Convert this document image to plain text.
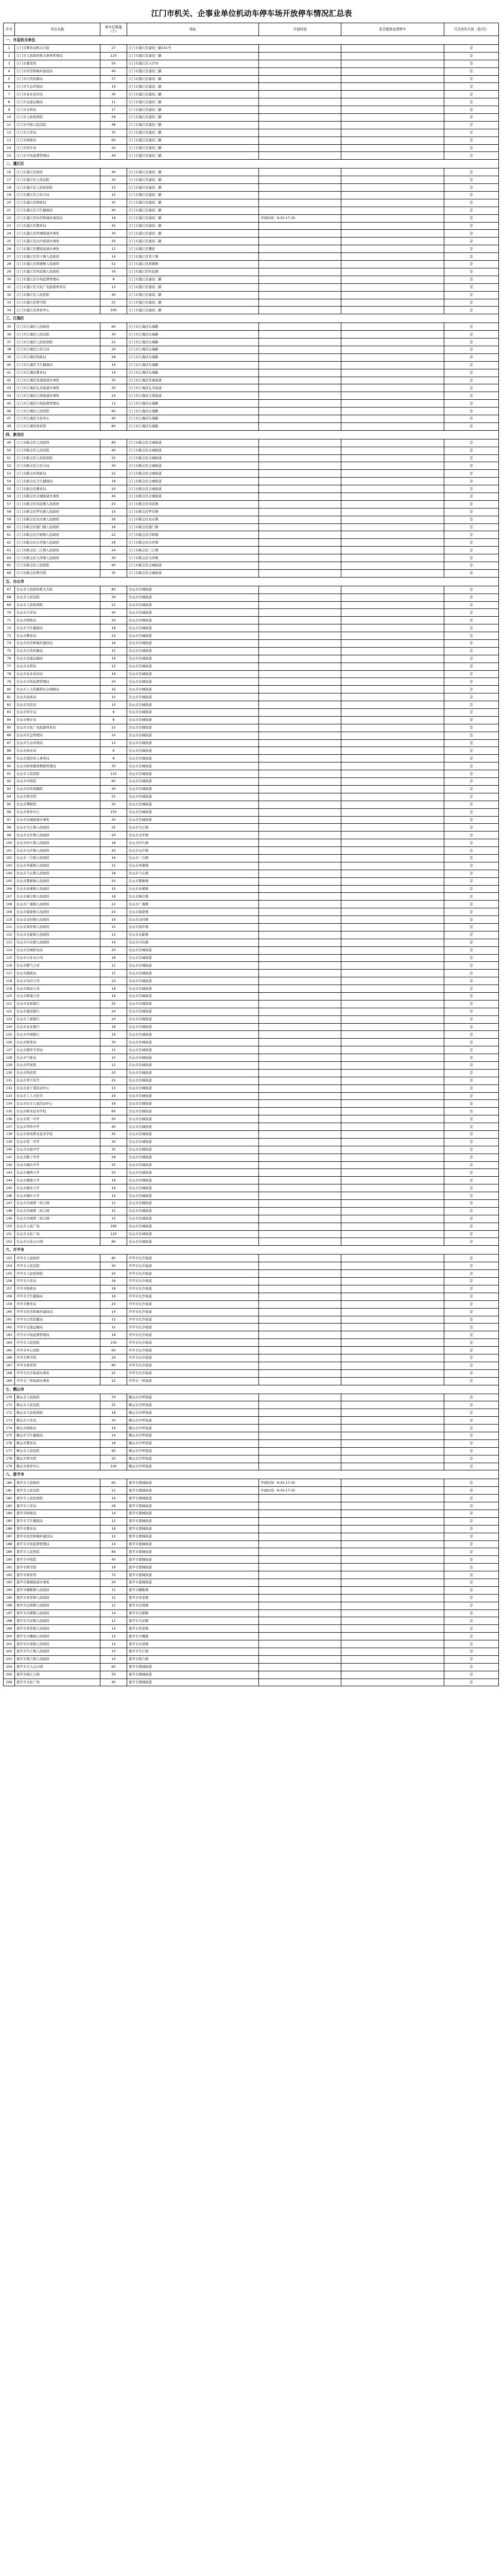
江门市机关、企事业单位机动车停车场开放停车情况汇总表
序号	单位名称	停车位数量（个）	地址	开放时间	是否提供免费停车	可否对外开放（是/否）
一、市直机关单位						
1	江门市教育局机关大院	27	江门市蓬江区建设三路151号			是
2	江门市人民政府机关事务管理局	120	江门市蓬江区建设三路			是
3	江门市委党校	50	江门市蓬江区天沙河			是
4	江门市住房和城乡建设局	40	江门市蓬江区建设三路			是
5	江门市自然资源局	37	江门市蓬江区建设二路			是
6	江门市生态环境局	19	江门市蓬江区建设二路			是
7	江门市农业农村局	36	江门市蓬江区建设三路			是
8	江门市交通运输局	11	江门市蓬江区建设三路			是
9	江门市水利局	17	江门市蓬江区建设三路			是
10	江门市人民检察院	28	江门市蓬江区建设三路			是
11	江门市中级人民法院	48	江门市蓬江区建设三路			是
12	江门市公安局	35	江门市蓬江区建设三路			是
13	江门市财政局	60	江门市蓬江区建设三路			是
14	江门市审计局	20	江门市蓬江区建设三路			是
15	江门市市场监督管理局	44	江门市蓬江区建设三路			是
二、蓬江区						
16	江门市蓬江区政府	40	江门市蓬江区建设二路			是
17	江门市蓬江区人民法院	30	江门市蓬江区建设二路			是
18	江门市蓬江区人民检察院	10	江门市蓬江区建设二路			是
19	江门市蓬江区公安分局	10	江门市蓬江区建设二路			是
20	江门市蓬江区财政局	35	江门市蓬江区建设二路			是
21	江门市蓬江区卫生健康局	40	江门市蓬江区建设二路			是
22	江门市蓬江区住房和城乡建设局	18	江门市蓬江区建设二路	开放时间：8:30-17:30		是
23	江门市蓬江区教育局	42	江门市蓬江区建设二路			是
24	江门市蓬江区环城街道办事处	30	江门市蓬江区建设二路			是
25	江门市蓬江区白沙街道办事处	20	江门市蓬江区建设二路			是
26	江门市蓬江区潮连街道办事处	12	江门市蓬江区潮连			是
27	江门市蓬江区棠下镇人民政府	14	江门市蓬江区棠下镇			是
28	江门市蓬江区荷塘镇人民政府	52	江门市蓬江区荷塘镇			是
29	江门市蓬江区杜阮镇人民政府	34	江门市蓬江区杜阮镇			是
30	江门市蓬江区市场监督管理局	8	江门市蓬江区建设二路			是
31	江门市蓬江区文化广电旅游体育局	13	江门市蓬江区建设二路			是
32	江门市蓬江区人民医院	40	江门市蓬江区建设二路			是
33	江门市蓬江区图书馆	25	江门市蓬江区建设二路			是
34	江门市蓬江区体育中心	200	江门市蓬江区建设二路			是
三、江海区						
35	江门市江海区人民政府	60	江门市江海区东海路			是
36	江门市江海区人民法院	30	江门市江海区东海路			是
37	江门市江海区人民检察院	22	江门市江海区东海路			是
38	江门市江海区公安分局	20	江门市江海区东海路			是
39	江门市江海区财政局	28	江门市江海区东海路			是
40	江门市江海区卫生健康局	16	江门市江海区东海路			是
41	江门市江海区教育局	14	江门市江海区东海路			是
42	江门市江海区外海街道办事处	35	江门市江海区外海街道			是
43	江门市江海区礼乐街道办事处	30	江门市江海区礼乐街道			是
44	江门市江海区江南街道办事处	24	江门市江海区江南街道			是
45	江门市江海区市场监督管理局	12	江门市江海区东海路			是
46	江门市江海区人民医院	60	江门市江海区东海路			是
47	江门市江海区文化中心	40	江门市江海区东海路			是
48	江门市江海区体育馆	80	江门市江海区东海路			是
四、新会区						
49	江门市新会区人民政府	80	江门市新会区会城街道			是
50	江门市新会区人民法院	40	江门市新会区会城街道			是
51	江门市新会区人民检察院	25	江门市新会区会城街道			是
52	江门市新会区公安分局	30	江门市新会区会城街道			是
53	江门市新会区财政局	22	江门市新会区会城街道			是
54	江门市新会区卫生健康局	18	江门市新会区会城街道			是
55	江门市新会区教育局	20	江门市新会区会城街道			是
56	江门市新会区会城街道办事处	45	江门市新会区会城街道			是
57	江门市新会区司前镇人民政府	20	江门市新会区司前镇			是
58	江门市新会区罗坑镇人民政府	15	江门市新会区罗坑镇			是
59	江门市新会区双水镇人民政府	26	江门市新会区双水镇			是
60	江门市新会区崖门镇人民政府	18	江门市新会区崖门镇			是
61	江门市新会区沙堆镇人民政府	22	江门市新会区沙堆镇			是
62	江门市新会区古井镇人民政府	28	江门市新会区古井镇			是
63	江门市新会区三江镇人民政府	24	江门市新会区三江镇			是
64	江门市新会区大泽镇人民政府	30	江门市新会区大泽镇			是
65	江门市新会区人民医院	90	江门市新会区会城街道			是
66	江门市新会区图书馆	35	江门市新会区会城街道			是
五、台山市						
67	台山市人民政府机关大院	80	台山市台城街道			是
68	台山市人民法院	30	台山市台城街道			是
69	台山市人民检察院	22	台山市台城街道			是
70	台山市公安局	40	台山市台城街道			是
71	台山市财政局	20	台山市台城街道			是
72	台山市卫生健康局	18	台山市台城街道			是
73	台山市教育局	24	台山市台城街道			是
74	台山市住房和城乡建设局	16	台山市台城街道			是
75	台山市自然资源局	15	台山市台城街道			是
76	台山市交通运输局	14	台山市台城街道			是
77	台山市水利局	12	台山市台城街道			是
78	台山市农业农村局	18	台山市台城街道			是
79	台山市市场监督管理局	20	台山市台城街道			是
80	台山市人力资源和社会保障局	16	台山市台城街道			是
81	台山市民政局	10	台山市台城街道			是
82	台山市司法局	10	台山市台城街道			是
83	台山市审计局	8	台山市台城街道			是
84	台山市统计局	8	台山市台城街道			是
85	台山市文化广电旅游体育局	22	台山市台城街道			是
86	台山市应急管理局	10	台山市台城街道			是
87	台山市生态环境局	12	台山市台城街道			是
88	台山市林业局	8	台山市台城街道			是
89	台山市退役军人事务局	8	台山市台城街道			是
90	台山市政务服务数据管理局	30	台山市台城街道			是
91	台山市人民医院	120	台山市台城街道			是
92	台山市中医院	60	台山市台城街道			是
93	台山市妇幼保健院	30	台山市台城街道			是
94	台山市图书馆	25	台山市台城街道			是
95	台山市博物馆	20	台山市台城街道			是
96	台山市体育中心	150	台山市台城街道			是
97	台山市台城街道办事处	30	台山市台城街道			是
98	台山市大江镇人民政府	25	台山市大江镇			是
99	台山市水步镇人民政府	20	台山市水步镇			是
100	台山市四九镇人民政府	18	台山市四九镇			是
101	台山市白沙镇人民政府	20	台山市白沙镇			是
102	台山市三合镇人民政府	16	台山市三合镇			是
103	台山市冲蒌镇人民政府	15	台山市冲蒌镇			是
104	台山市斗山镇人民政府	18	台山市斗山镇			是
105	台山市都斛镇人民政府	20	台山市都斛镇			是
106	台山市赤溪镇人民政府	15	台山市赤溪镇			是
107	台山市端芬镇人民政府	18	台山市端芬镇			是
108	台山市广海镇人民政府	22	台山市广海镇			是
109	台山市海宴镇人民政府	20	台山市海宴镇			是
110	台山市汶村镇人民政府	16	台山市汶村镇			是
111	台山市深井镇人民政府	15	台山市深井镇			是
112	台山市北陡镇人民政府	12	台山市北陡镇			是
113	台山市川岛镇人民政府	14	台山市川岛镇			是
114	台山市台城供电局	20	台山市台城街道			是
115	台山市自来水公司	18	台山市台城街道			是
116	台山市燃气公司	12	台山市台城街道			是
117	台山市邮政局	15	台山市台城街道			是
118	台山市电信公司	20	台山市台城街道			是
119	台山市移动公司	18	台山市台城街道			是
120	台山市联通公司	16	台山市台城街道			是
121	台山市农商银行	25	台山市台城街道			是
122	台山市建设银行	20	台山市台城街道			是
123	台山市工商银行	20	台山市台城街道			是
124	台山市农业银行	18	台山市台城街道			是
125	台山市中国银行	18	台山市台城街道			是
126	台山市税务局	30	台山市台城街道			是
127	台山市烟草专卖局	15	台山市台城街道			是
128	台山市气象局	10	台山市台城街道			是
129	台山市档案馆	12	台山市台城街道			是
130	台山市科技馆	20	台山市台城街道			是
131	台山市青少年宫	25	台山市台城街道			是
132	台山市老干部活动中心	15	台山市台城街道			是
133	台山市工人文化宫	20	台山市台城街道			是
134	台山市妇女儿童活动中心	18	台山市台城街道			是
135	台山市职业技术学校	60	台山市台城街道			是
136	台山市第一中学	50	台山市台城街道			是
137	台山市华侨中学	40	台山市台城街道			是
138	台山市培英职业技术学校	45	台山市台城街道			是
139	台山市第二中学	30	台山市台城街道			是
140	台山市实验中学	35	台山市台城街道			是
141	台山市新宁中学	28	台山市台城街道			是
142	台山市城东中学	25	台山市台城街道			是
143	台山市城西小学	20	台山市台城街道			是
144	台山市城南小学	18	台山市台城街道			是
145	台山市城北小学	16	台山市台城街道			是
146	台山市城东小学	15	台山市台城街道			是
147	台山市台城第一幼儿园	12	台山市台城街道			是
148	台山市台城第二幼儿园	10	台山市台城街道			是
149	台山市台城第三幼儿园	10	台山市台城街道			是
150	台山市人民广场	180	台山市台城街道			是
151	台山市文化广场	120	台山市台城街道			是
152	台山市石花山公园	80	台山市台城街道			是
六、开平市						
153	开平市人民政府	80	开平市长沙街道			是
154	开平市人民法院	30	开平市长沙街道			是
155	开平市人民检察院	20	开平市长沙街道			是
156	开平市公安局	36	开平市长沙街道			是
157	开平市财政局	18	开平市长沙街道			是
158	开平市卫生健康局	16	开平市长沙街道			是
159	开平市教育局	20	开平市长沙街道			是
160	开平市住房和城乡建设局	14	开平市长沙街道			是
161	开平市自然资源局	12	开平市长沙街道			是
162	开平市交通运输局	12	开平市长沙街道			是
163	开平市市场监督管理局	18	开平市长沙街道			是
164	开平市人民医院	100	开平市长沙街道			是
165	开平市中心医院	60	开平市长沙街道			是
166	开平市图书馆	20	开平市长沙街道			是
167	开平市体育馆	80	开平市长沙街道			是
168	开平市长沙街道办事处	25	开平市长沙街道			是
169	开平市三埠街道办事处	22	开平市三埠街道			是
七、鹤山市						
170	鹤山市人民政府	70	鹤山市沙坪街道			是
171	鹤山市人民法院	25	鹤山市沙坪街道			是
172	鹤山市人民检察院	18	鹤山市沙坪街道			是
173	鹤山市公安局	30	鹤山市沙坪街道			是
174	鹤山市财政局	16	鹤山市沙坪街道			是
175	鹤山市卫生健康局	14	鹤山市沙坪街道			是
176	鹤山市教育局	18	鹤山市沙坪街道			是
177	鹤山市人民医院	90	鹤山市沙坪街道			是
178	鹤山市图书馆	20	鹤山市沙坪街道			是
179	鹤山市体育中心	100	鹤山市沙坪街道			是
八、恩平市						
180	恩平市人民政府	60	恩平市恩城街道	开放时间：8:30-17:30		是
181	恩平市人民法院	22	恩平市恩城街道	开放时间：8:30-17:30		是
182	恩平市人民检察院	16	恩平市恩城街道			是
183	恩平市公安局	28	恩平市恩城街道			是
184	恩平市财政局	14	恩平市恩城街道			是
185	恩平市卫生健康局	12	恩平市恩城街道			是
186	恩平市教育局	16	恩平市恩城街道			是
187	恩平市住房和城乡建设局	12	恩平市恩城街道			是
188	恩平市市场监督管理局	14	恩平市恩城街道			是
189	恩平市人民医院	80	恩平市恩城街道			是
190	恩平市中医院	40	恩平市恩城街道			是
191	恩平市图书馆	18	恩平市恩城街道			是
192	恩平市体育馆	70	恩平市恩城街道			是
193	恩平市恩城街道办事处	20	恩平市恩城街道			是
194	恩平市横陂镇人民政府	15	恩平市横陂镇			是
195	恩平市圣堂镇人民政府	12	恩平市圣堂镇			是
196	恩平市良西镇人民政府	12	恩平市良西镇			是
197	恩平市沙湖镇人民政府	14	恩平市沙湖镇			是
198	恩平市大田镇人民政府	12	恩平市大田镇			是
199	恩平市君堂镇人民政府	14	恩平市君堂镇			是
200	恩平市大槐镇人民政府	12	恩平市大槐镇			是
201	恩平市东成镇人民政府	12	恩平市东成镇			是
202	恩平市牛江镇人民政府	10	恩平市牛江镇			是
203	恩平市那吉镇人民政府	10	恩平市那吉镇			是
204	恩平市大人山公园	60	恩平市恩城街道			是
205	恩平市锦江公园	50	恩平市恩城街道			是
206	恩平市文化广场	45	恩平市恩城街道			是
